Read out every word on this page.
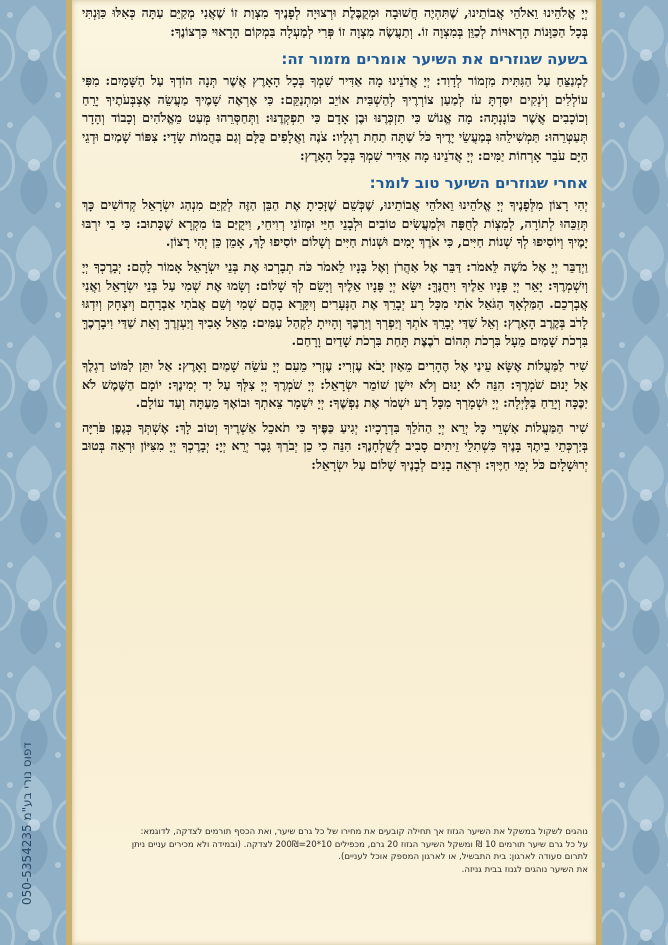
יְיָ אֱלֹהֵינוּ וֵאלֹהֵי אֲבוֹתֵינוּ, שֶׁתִּהְיֶה חֲשׁוּבָה וּמְקֻבֶּלֶת וּרְצוּיָה לְפָנֶיךָ מִצְוַת זוֹ שֶׁאֲנִי מְקַיֵּם עַתָּה כְּאִלּוּ כִּוַּנְתִּי בְּכָל הַכַּוָּנוֹת הָרְאוּיוֹת לְכַוֵּן בְּמִצְוָה זוֹ. וְתַעֲשֶׂה מִצְוָה זוֹ פְּרִי לְמַעְלָה בִּמְקוֹם הָרָאוּי כִּרְצוֹנֶךָ:

בשעה שגוזרים את השיער אומרים מזמור זה:

לַמְנַצֵּחַ עַל הַגִּתִּית מִזְמוֹר לְדָוִד: יְיָ אֲדֹנֵינוּ מָה אַדִּיר שִׁמְךָ בְּכָל הָאָרֶץ אֲשֶׁר תְּנָה הוֹדְךָ עַל הַשָּׁמָיִם: מִפִּי עוֹלְלִים וְיֹנְקִים יִסַּדְתָּ עֹז לְמַעַן צוֹרְרֶיךָ לְהַשְׁבִּית אוֹיֵב וּמִתְנַקֵּם: כִּי אֶרְאֶה שָׁמֶיךָ מַעֲשֵׂה אֶצְבְּעֹתֶיךָ יָרֵחַ וְכוֹכָבִים אֲשֶׁר כּוֹנָנְתָּה: מָה אֱנוֹשׁ כִּי תִזְכְּרֶנּוּ וּבֶן אָדָם כִּי תִפְקְדֶנּוּ: וַתְּחַסְּרֵהוּ מְּעַט מֵאֱלֹהִים וְכָבוֹד וְהָדָר תְּעַטְּרֵהוּ: תַּמְשִׁילֵהוּ בְּמַעֲשֵׂי יָדֶיךָ כֹּל שַׁתָּה תַחַת רַגְלָיו: צֹנֶה וַאֲלָפִים כֻּלָּם וְגַם בַּהֲמוֹת שָׂדָי: צִפּוֹר שָׁמַיִם וּדְגֵי הַיָּם עֹבֵר אָרְחוֹת יַמִּים: יְיָ אֲדֹנֵינוּ מָה אַדִּיר שִׁמְךָ בְּכָל הָאָרֶץ:

אחרי שגוזרים השיער טוב לומר:

יְהִי רָצוֹן מִלְּפָנֶיךָ יְיָ אֱלֹהֵינוּ וֵאלֹהֵי אֲבוֹתֵינוּ, שֶׁכְּשֵׁם שֶׁזָּכִיתָ אֶת הַבֵּן הַזֶּה לְקַיֵּם מִנְהַג יִשְׂרָאֵל קְדוֹשִׁים כָּךְ תְּזַכֵּהוּ לְתוֹרָה, לְמִצְוֹת לְחֻפָּה וּלְמַעֲשִׂים טוֹבִים וּלְבָנֵי חַיֵּי וּמְזוֹנֵי רְוִיחֵי, וִיקֻיַּם בּוֹ מִקְרָא שֶׁכָּתוּב: כִּי בִי יִרְבּוּ יָמֶיךָ וְיוֹסִיפוּ לְךָ שְׁנוֹת חַיִּים, כִּי אֹרֶךְ יָמִים וּשְׁנוֹת חַיִּים וְשָׁלוֹם יוֹסִיפוּ לָךְ, אָמֵן כֵּן יְהִי רָצוֹן.

וַיְדַבֵּר יְיָ אֶל מֹשֶׁה לֵּאמֹר: דַּבֵּר אֶל אַהֲרֹן וְאֶל בָּנָיו לֵאמֹר כֹּה תְבָרְכוּ אֶת בְּנֵי יִשְׂרָאֵל אָמוֹר לָהֶם: יְבָרֶכְךָ יְיָ וְיִשְׁמְרֶךָ: יָאֵר יְיָ פָּנָיו אֵלֶיךָ וִיחֻנֶּךָּ: יִשָּׂא יְיָ פָּנָיו אֵלֶיךָ וְיָשֵׂם לְךָ שָׁלוֹם: וְשָׂמוּ אֶת שְׁמִי עַל בְּנֵי יִשְׂרָאֵל וַאֲנִי אֲבָרְכֵם. הַמַּלְאָךְ הַגֹּאֵל אֹתִי מִכָּל רָע יְבָרֵךְ אֶת הַנְּעָרִים וְיִקָּרֵא בָהֶם שְׁמִי וְשֵׁם אֲבֹתַי אַבְרָהָם וְיִצְחָק וְיִדְגּוּ לָרֹב בְּקֶרֶב הָאָרֶץ: וְאֵל שַׁדַּי יְבָרֵךְ אֹתְךָ וְיַפְרְךָ וְיַרְבֶּךָ וְהָיִיתָ לִקְהַל עַמִּים: מֵאֵל אָבִיךָ וְיַעְזְרֶךָּ וְאֵת שַׁדַּי וִיבָרְכֶךָּ בִּרְכֹת שָׁמַיִם מֵעָל בִּרְכֹת תְּהוֹם רֹבֶצֶת תָּחַת בִּרְכֹת שָׁדַיִם וָרָחַם.

שִׁיר לַמַּעֲלוֹת אֶשָּׂא עֵינַי אֶל הֶהָרִים מֵאַיִן יָבֹא עֶזְרִי: עֶזְרִי מֵעִם יְיָ עֹשֵׂה שָׁמַיִם וָאָרֶץ: אַל יִתֵּן לַמּוֹט רַגְלֶךָ אַל יָנוּם שֹׁמְרֶךָ: הִנֵּה לֹא יָנוּם וְלֹא יִישָׁן שׁוֹמֵר יִשְׂרָאֵל: יְיָ שֹׁמְרֶךָ יְיָ צִלְּךָ עַל יַד יְמִינֶךָ: יוֹמָם הַשֶּׁמֶשׁ לֹא יַכֶּכָּה וְיָרֵחַ בַּלָּיְלָה: יְיָ יִשְׁמָרְךָ מִכָּל רָע יִשְׁמֹר אֶת נַפְשֶׁךָ: יְיָ יִשְׁמָר צֵאתְךָ וּבוֹאֶךָ מֵעַתָּה וְעַד עוֹלָם.

שִׁיר הַמַּעֲלוֹת אַשְׁרֵי כָּל יְרֵא יְיָ הַהֹלֵךְ בִּדְרָכָיו: יְגִיעַ כַּפֶּיךָ כִּי תֹאכֵל אַשְׁרֶיךָ וְטוֹב לָךְ: אֶשְׁתְּךָ כְּגֶפֶן פֹּרִיָּה בְּיַרְכְּתֵי בֵיתֶךָ בָּנֶיךָ כִּשְׁתִלֵי זֵיתִים סָבִיב לְשֻׁלְחָנֶךָ: הִנֵּה כִי כֵן יְבֹרַךְ גָּבֶר יְרֵא יְיָ: יְבָרֶכְךָ יְיָ מִצִּיּוֹן וּרְאֵה בְּטוּב יְרוּשָׁלָיִם כֹּל יְמֵי חַיֶּיךָ: וּרְאֵה בָנִים לְבָנֶיךָ שָׁלוֹם עַל יִשְׂרָאֵל:

נוהגים לשקול במשקל את השיער הגזוז אך תחילה קובעים את מחירו של כל גרם שיער, ואת הכסף תורמים לצדקה, לדוגמא:
על כל גרם שיער תורמים 10 ₪ ומשקל השיער הגזוז 20 גרם, מכפילים 10*20=200₪ לצדקה. (ובמידה ולא מכירים עניים ניתן
לתרום סעודה לארגון: בית התבשיל, או לארגון המספק אוכל לעניים).
את השיער נוהגים לגנוז בבית גניזה.
דפוס נורי בע"מ 050-5354235
